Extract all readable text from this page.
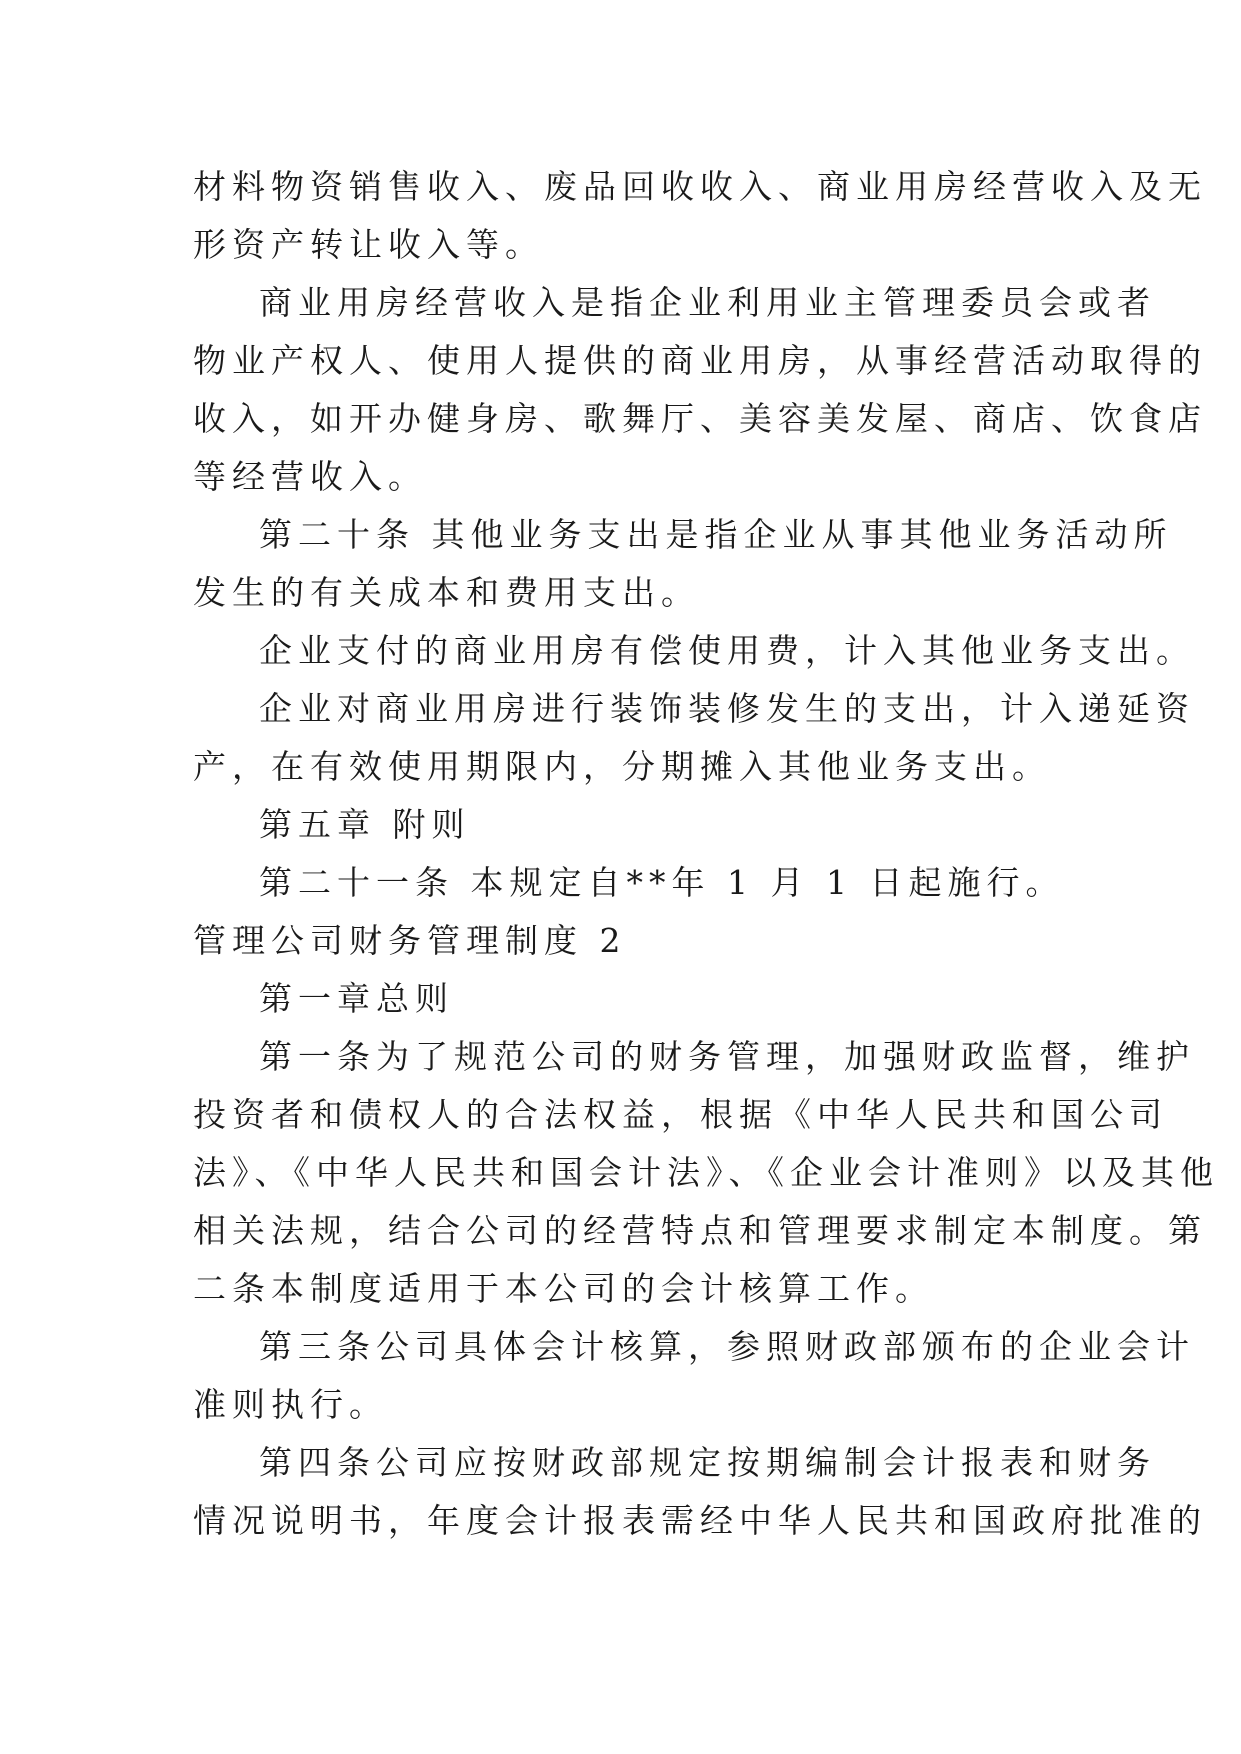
材料物资销售收入、废品回收收入、商业用房经营收入及无
形资产转让收入等。
商业用房经营收入是指企业利用业主管理委员会或者
物业产权人、使用人提供的商业用房，从事经营活动取得的
收入，如开办健身房、歌舞厅、美容美发屋、商店、饮食店
等经营收入。
第二十条 其他业务支出是指企业从事其他业务活动所
发生的有关成本和费用支出。
企业支付的商业用房有偿使用费，计入其他业务支出。
企业对商业用房进行装饰装修发生的支出，计入递延资
产，在有效使用期限内，分期摊入其他业务支出。
第五章 附则
第二十一条 本规定自**年 1 月 1 日起施行。
管理公司财务管理制度 2
第一章总则
第一条为了规范公司的财务管理，加强财政监督，维护
投资者和债权人的合法权益，根据《中华人民共和国公司
法》、《中华人民共和国会计法》、《企业会计准则》以及其他
相关法规，结合公司的经营特点和管理要求制定本制度。第
二条本制度适用于本公司的会计核算工作。
第三条公司具体会计核算，参照财政部颁布的企业会计
准则执行。
第四条公司应按财政部规定按期编制会计报表和财务
情况说明书，年度会计报表需经中华人民共和国政府批准的
